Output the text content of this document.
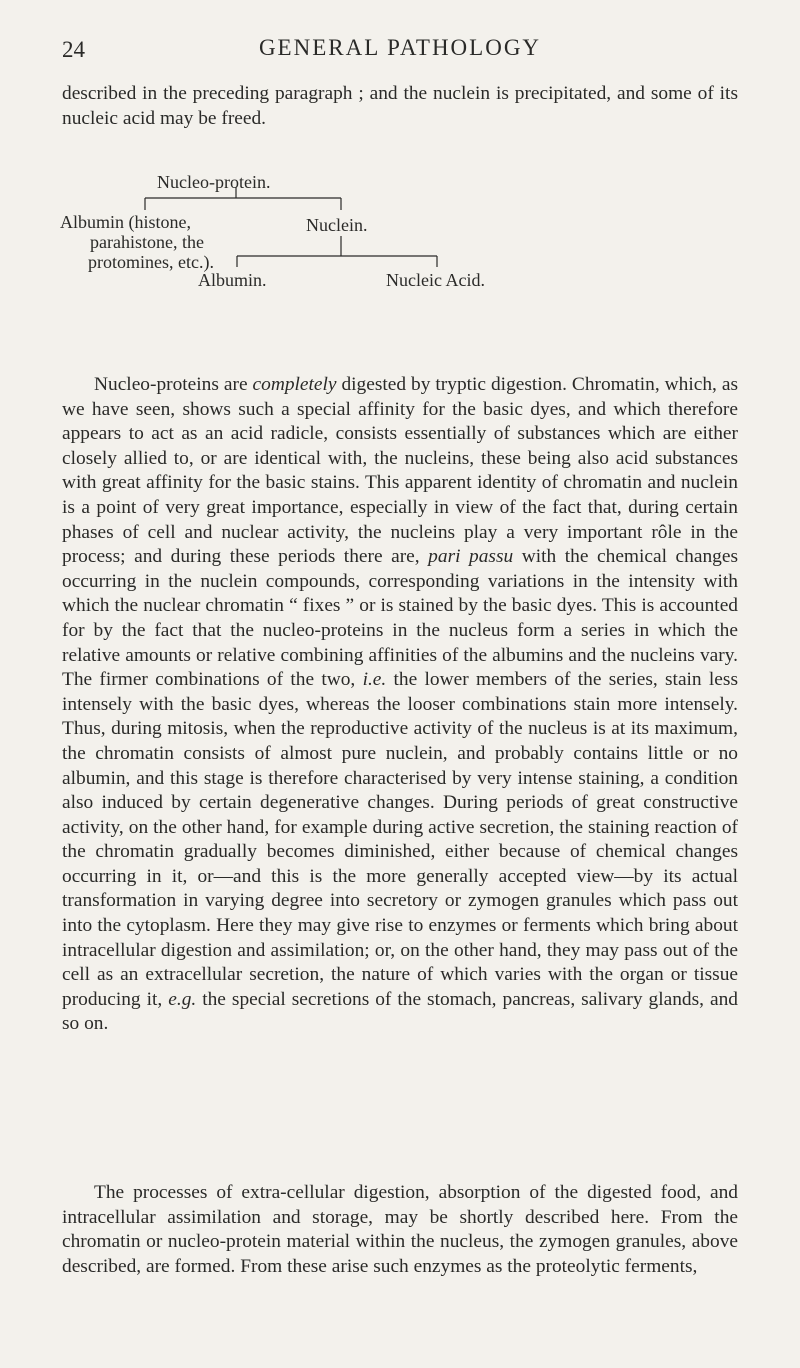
24	GENERAL PATHOLOGY

described in the preceding paragraph ; and the nuclein is precipitated, and some of its nucleic acid may be freed.

Nucleo-protein.
Albumin (histone,
parahistone, the
protomines, etc.).
Nuclein.
Albumin.	Nucleic Acid.

Nucleo-proteins are completely digested by tryptic digestion. Chromatin, which, as we have seen, shows such a special affinity for the basic dyes, and which therefore appears to act as an acid radicle, consists essentially of substances which are either closely allied to, or are identical with, the nucleins, these being also acid substances with great affinity for the basic stains. This apparent identity of chromatin and nuclein is a point of very great importance, especially in view of the fact that, during certain phases of cell and nuclear activity, the nucleins play a very important rôle in the process; and during these periods there are, pari passu with the chemical changes occurring in the nuclein compounds, corresponding variations in the intensity with which the nuclear chromatin “ fixes ” or is stained by the basic dyes. This is accounted for by the fact that the nucleo-proteins in the nucleus form a series in which the relative amounts or relative combining affinities of the albumins and the nucleins vary. The firmer combinations of the two, i.e. the lower members of the series, stain less intensely with the basic dyes, whereas the looser combinations stain more intensely. Thus, during mitosis, when the reproductive activity of the nucleus is at its maximum, the chromatin consists of almost pure nuclein, and probably contains little or no albumin, and this stage is therefore characterised by very intense staining, a condition also induced by certain degenerative changes. During periods of great constructive activity, on the other hand, for example during active secretion, the staining reaction of the chromatin gradually becomes diminished, either because of chemical changes occurring in it, or—and this is the more generally accepted view—by its actual transformation in varying degree into secretory or zymogen granules which pass out into the cytoplasm. Here they may give rise to enzymes or ferments which bring about intracellular digestion and assimilation; or, on the other hand, they may pass out of the cell as an extracellular secretion, the nature of which varies with the organ or tissue producing it, e.g. the special secretions of the stomach, pancreas, salivary glands, and so on.

The processes of extra-cellular digestion, absorption of the digested food, and intracellular assimilation and storage, may be shortly described here. From the chromatin or nucleo-protein material within the nucleus, the zymogen granules, above described, are formed. From these arise such enzymes as the proteolytic ferments,
